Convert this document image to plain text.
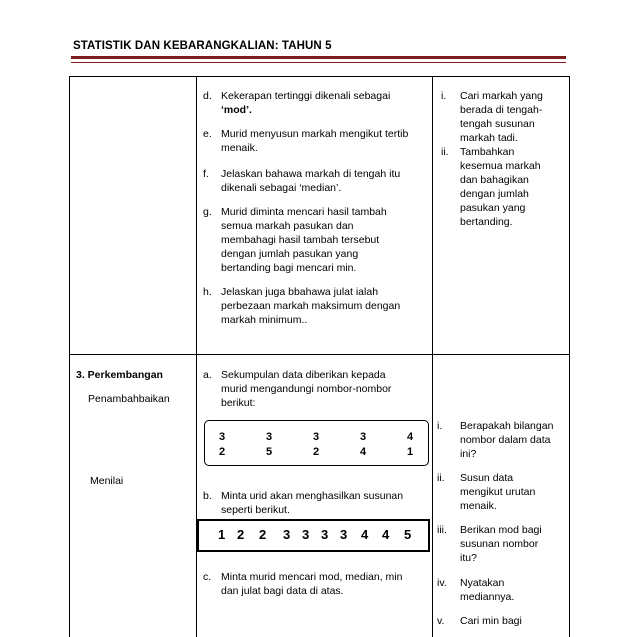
STATISTIK DAN KEBARANGKALIAN: TAHUN 5
d. Kekerapan tertinggi dikenali sebagai
‘mod’.
e. Murid menyusun markah mengikut tertib
menaik.
f.	Jelaskan bahawa markah di tengah itu
dikenali sebagai ‘median’.
g. Murid diminta mencari hasil tambah
semua markah pasukan dan
membahagi hasil tambah tersebut
dengan jumlah pasukan yang
bertanding bagi mencari min.
h. Jelaskan juga bbahawa julat ialah
perbezaan markah maksimum dengan
markah minimum..
i.	Cari markah yang
berada di tengah-
tengah susunan
markah tadi.
ii.	Tambahkan
kesemua markah
dan bahagikan
dengan jumlah
pasukan yang
bertanding.
3. Perkembangan
Penambahbaikan
Menilai
a. Sekumpulan data diberikan kepada
murid mengandungi nombor-nombor
berikut:
3	3	3	3	4
2	5	2	4	1
b. Minta urid akan menghasilkan susunan
seperti berikut.
1 2 2 3 3 3 3 4 4 5
c. Minta murid mencari mod, median, min
dan julat bagi data di atas.
i.	Berapakah bilangan
nombor dalam data
ini?
ii.	Susun data
mengikut urutan
menaik.
iii.	Berikan mod bagi
susunan nombor
itu?
iv.	Nyatakan
mediannya.
v.	Cari min bagi
